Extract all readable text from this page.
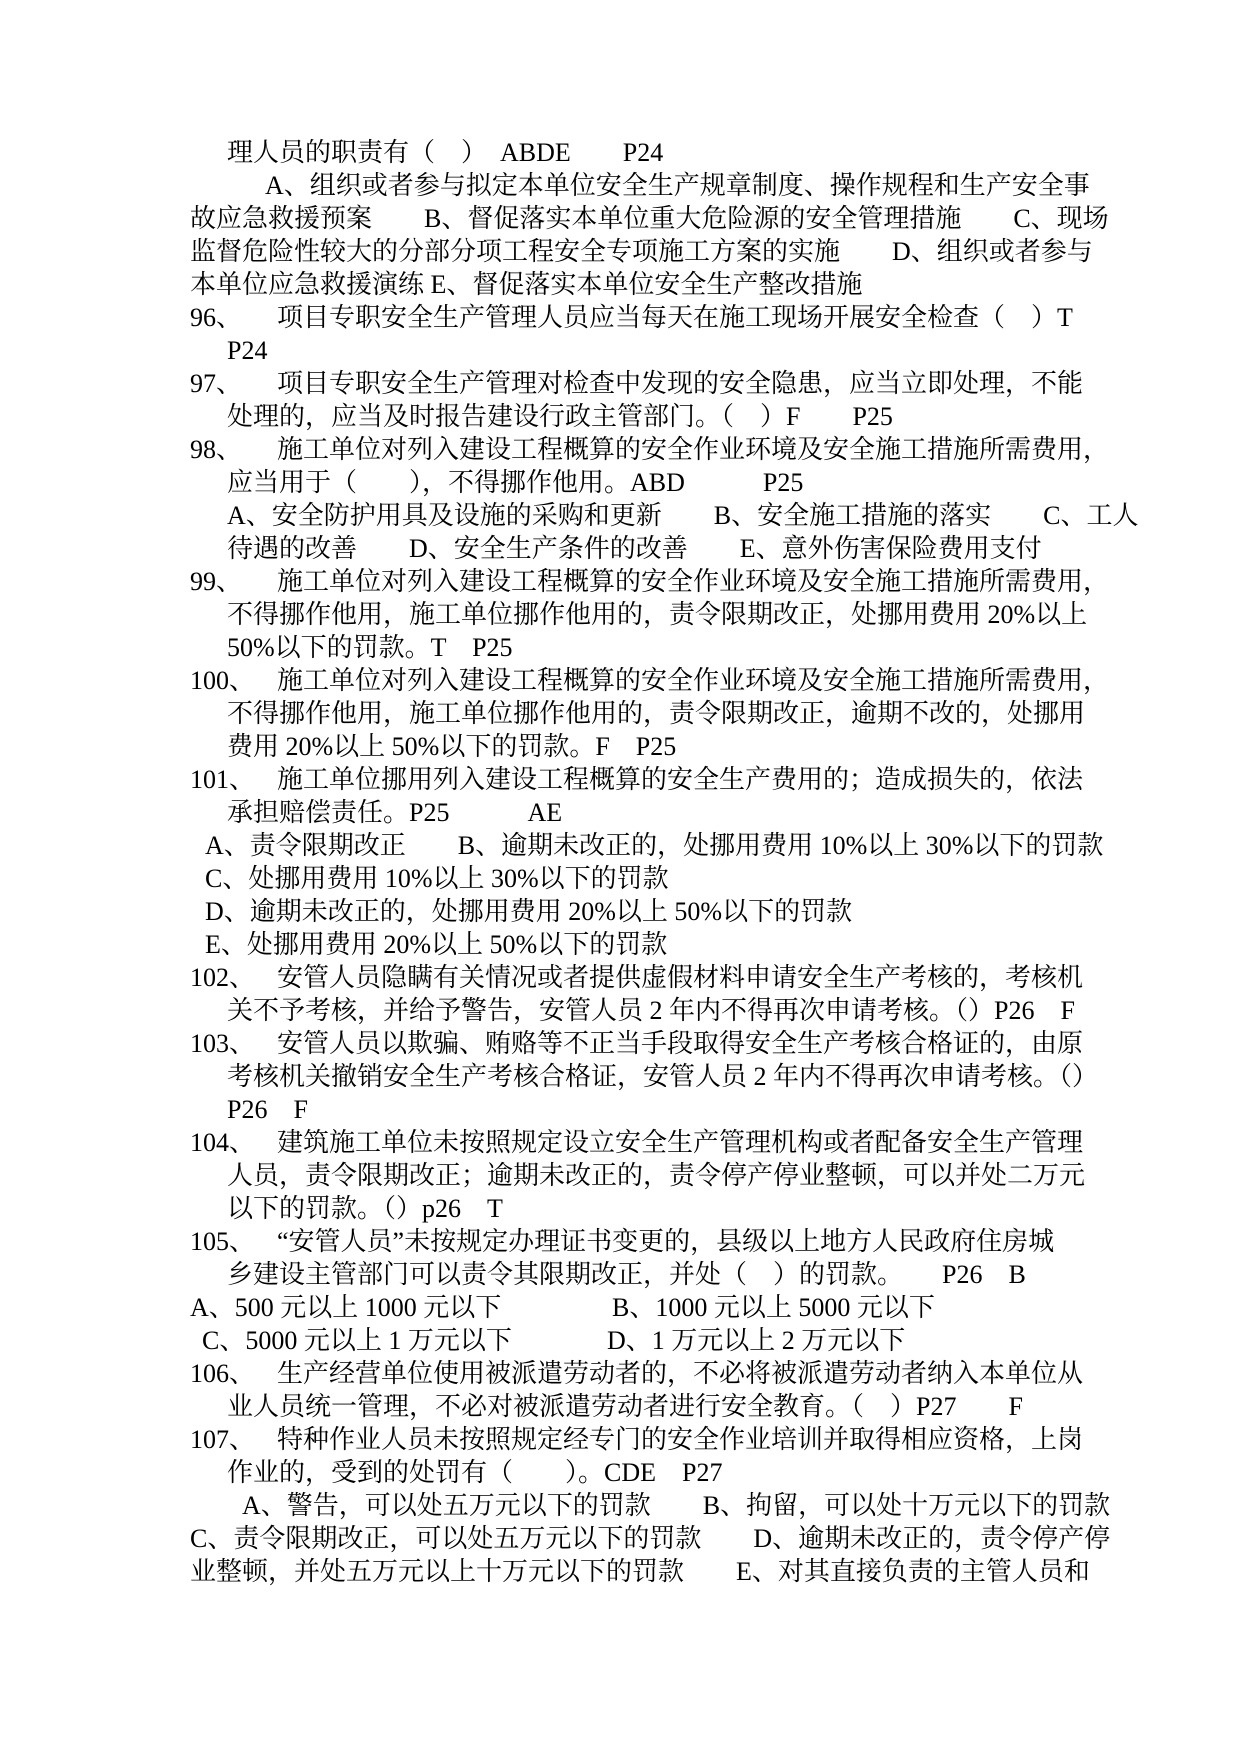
理人员的职责有（　）　ABDE　　P24
A、组织或者参与拟定本单位安全生产规章制度、操作规程和生产安全事
故应急救援预案　　B、督促落实本单位重大危险源的安全管理措施　　C、现场
监督危险性较大的分部分项工程安全专项施工方案的实施　　D、组织或者参与
本单位应急救援演练 E、督促落实本单位安全生产整改措施
96、 项目专职安全生产管理人员应当每天在施工现场开展安全检查（　）T
P24
97、 项目专职安全生产管理对检查中发现的安全隐患，应当立即处理，不能
处理的，应当及时报告建设行政主管部门。（　）F　　P25
98、 施工单位对列入建设工程概算的安全作业环境及安全施工措施所需费用，
应当用于（　　），不得挪作他用。ABD　　　P25
A、安全防护用具及设施的采购和更新　　B、安全施工措施的落实　　C、工人
待遇的改善　　D、安全生产条件的改善　　E、意外伤害保险费用支付
99、 施工单位对列入建设工程概算的安全作业环境及安全施工措施所需费用，
不得挪作他用，施工单位挪作他用的，责令限期改正，处挪用费用 20%以上
50%以下的罚款。T　P25
100、 施工单位对列入建设工程概算的安全作业环境及安全施工措施所需费用，
不得挪作他用，施工单位挪作他用的，责令限期改正，逾期不改的，处挪用
费用 20%以上 50%以下的罚款。F　P25
101、 施工单位挪用列入建设工程概算的安全生产费用的；造成损失的，依法
承担赔偿责任。P25　　　AE
A、责令限期改正　　B、逾期未改正的，处挪用费用 10%以上 30%以下的罚款
C、处挪用费用 10%以上 30%以下的罚款
D、逾期未改正的，处挪用费用 20%以上 50%以下的罚款
E、处挪用费用 20%以上 50%以下的罚款
102、 安管人员隐瞒有关情况或者提供虚假材料申请安全生产考核的，考核机
关不予考核，并给予警告，安管人员 2 年内不得再次申请考核。（）P26　F
103、 安管人员以欺骗、贿赂等不正当手段取得安全生产考核合格证的，由原
考核机关撤销安全生产考核合格证，安管人员 2 年内不得再次申请考核。（）
P26　F
104、 建筑施工单位未按照规定设立安全生产管理机构或者配备安全生产管理
人员，责令限期改正；逾期未改正的，责令停产停业整顿，可以并处二万元
以下的罚款。（）p26　T
105、 “安管人员”未按规定办理证书变更的，县级以上地方人民政府住房城
乡建设主管部门可以责令其限期改正，并处（　）的罚款。　　P26　B
A、500 元以上 1000 元以下	B、1000 元以上 5000 元以下
C、5000 元以上 1 万元以下	D、1 万元以上 2 万元以下
106、 生产经营单位使用被派遣劳动者的，不必将被派遣劳动者纳入本单位从
业人员统一管理，不必对被派遣劳动者进行安全教育。（　）P27　　F
107、 特种作业人员未按照规定经专门的安全作业培训并取得相应资格，上岗
作业的，受到的处罚有（　　）。CDE　P27
A、警告，可以处五万元以下的罚款　　B、拘留，可以处十万元以下的罚款
C、责令限期改正，可以处五万元以下的罚款　　D、逾期未改正的，责令停产停
业整顿，并处五万元以上十万元以下的罚款　　E、对其直接负责的主管人员和
